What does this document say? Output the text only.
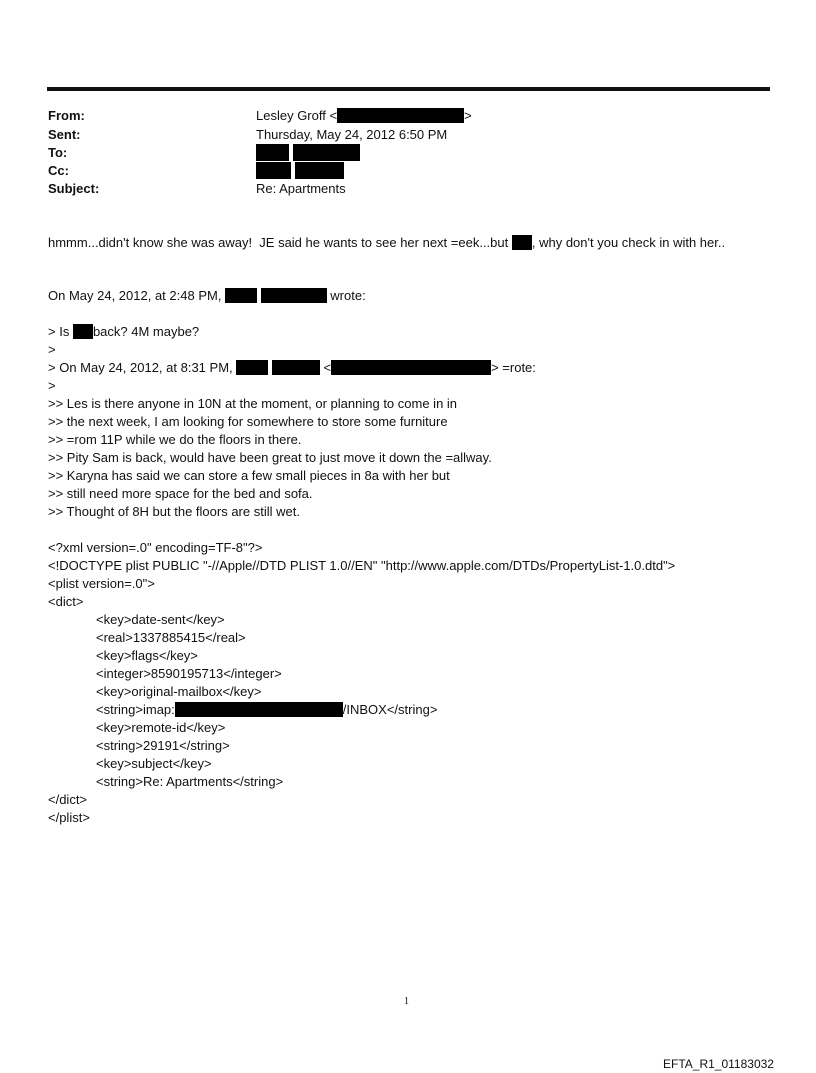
From:	Lesley Groff <	>
Sent:	Thursday, May 24, 2012 6:50 PM
To:
Cc:
Subject:	Re: Apartments
hmmm...didn't know she was away!  JE said he wants to see her next =eek...but , why don't you check in with her..
On May 24, 2012, at 2:48 PM,	wrote:
> Is back? 4M maybe?
>
> On May 24, 2012, at 8:31 PM,	<	> =rote:
>
>> Les is there anyone in 10N at the moment, or planning to come in in
>> the next week, I am looking for somewhere to store some furniture
>> =rom 11P while we do the floors in there.
>> Pity Sam is back, would have been great to just move it down the =allway.
>> Karyna has said we can store a few small pieces in 8a with her but
>> still need more space for the bed and sofa.
>> Thought of 8H but the floors are still wet.
<?xml version=.0" encoding=TF-8"?>
<!DOCTYPE plist PUBLIC "-//Apple//DTD PLIST 1.0//EN" "http://www.apple.com/DTDs/PropertyList-1.0.dtd">
<plist version=.0">
<dict>
<key>date-sent</key>
<real>1337885415</real>
<key>flags</key>
<integer>8590195713</integer>
<key>original-mailbox</key>
<string>imap:	/INBOX</string>
<key>remote-id</key>
<string>29191</string>
<key>subject</key>
<string>Re: Apartments</string>
</dict>
</plist>
1
EFTA_R1_01183032
